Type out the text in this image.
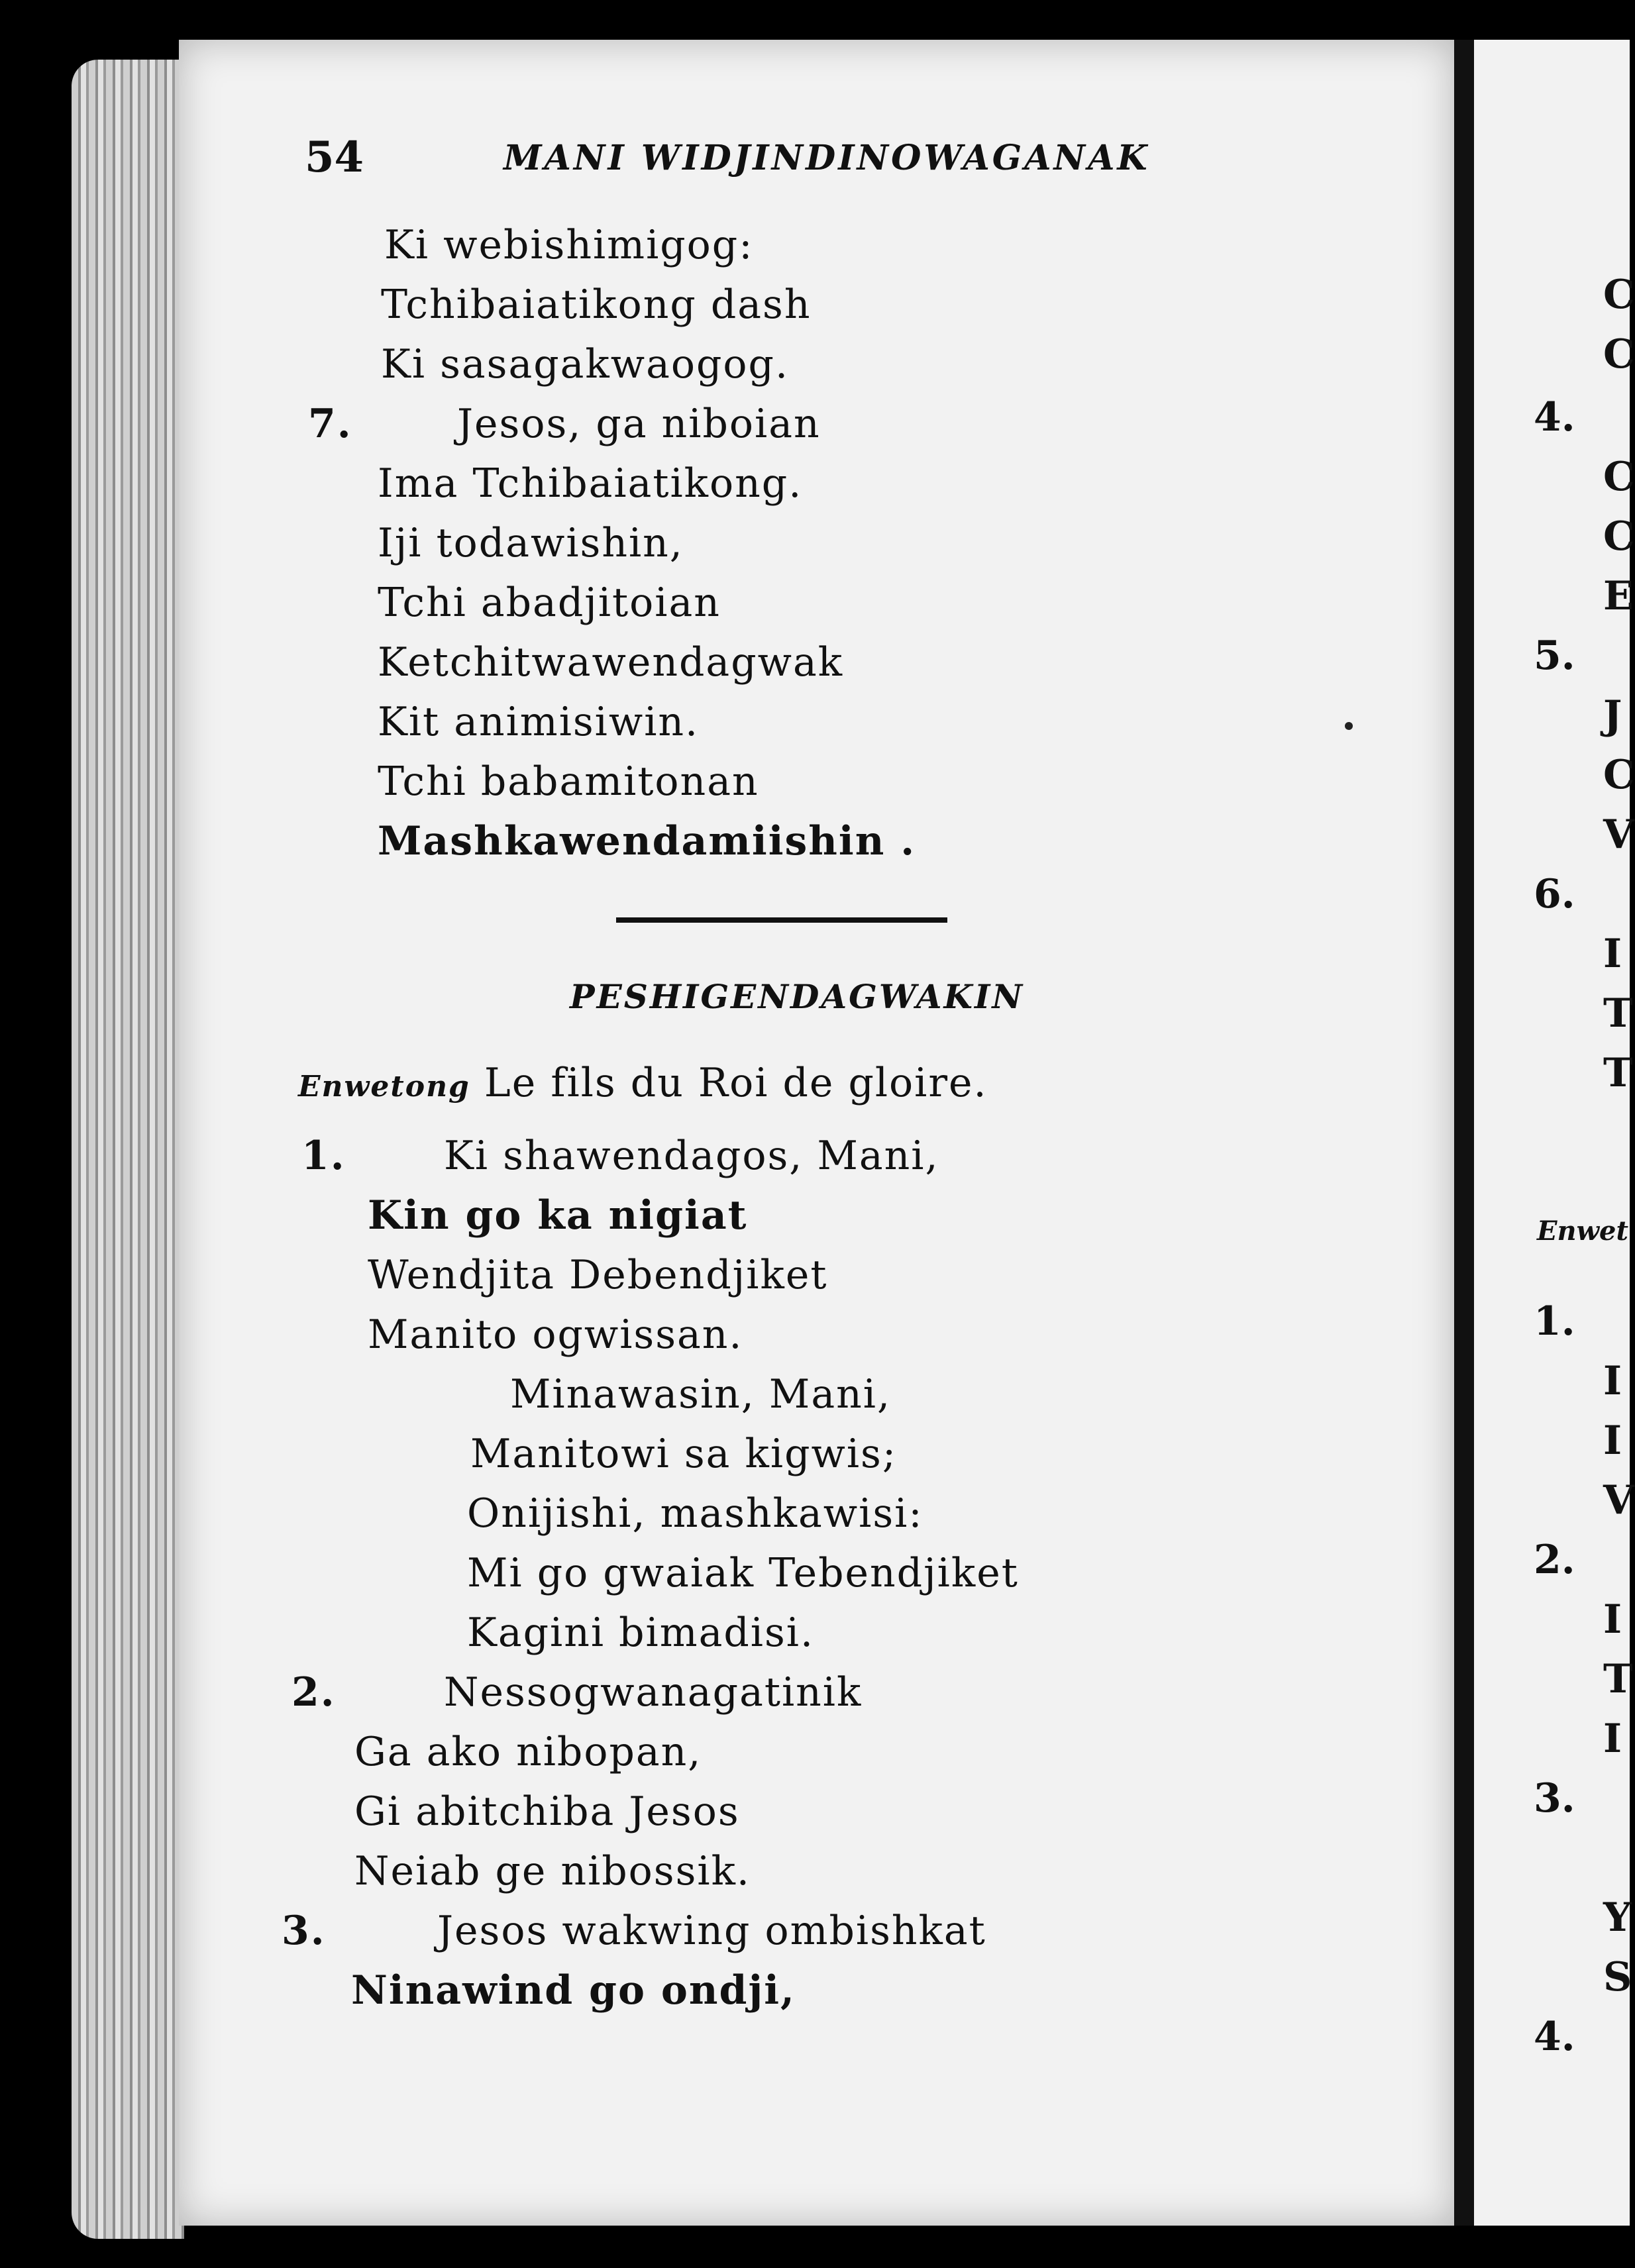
54	MANI WIDJINDINOWAGANAK
Ki webishimigog:
Tchibaiatikong dash
Ki sasagakwaogog.
7.	Jesos, ga niboian
Ima Tchibaiatikong.
Iji todawishin,
Tchi abadjitoian
Ketchitwawendagwak
Kit animisiwin.
Tchi babamitonan
Mashkawendamiishin .
PESHIGENDAGWAKIN
Enwetong Le fils du Roi de gloire.
1. Ki shawendagos, Mani,
Kin go ka nigiat
Wendjita Debendjiket
Manito ogwissan.
Minawasin, Mani,
Manitowi sa kigwis;
Onijishi, mashkawisi:
Mi go gwaiak Tebendjiket
Kagini bimadisi.
2.	Nessogwanagatinik
Ga ako nibopan,
Gi abitchiba Jesos
Neiab ge nibossik.
3.	Jesos wakwing ombishkat
Ninawind go ondji,
C
C
4.
C
C
E
5.
J
C
V
6.
I
T
T
Enwet
1.
I
I
V
2.
I
T
I
3.
Y
S
4.
